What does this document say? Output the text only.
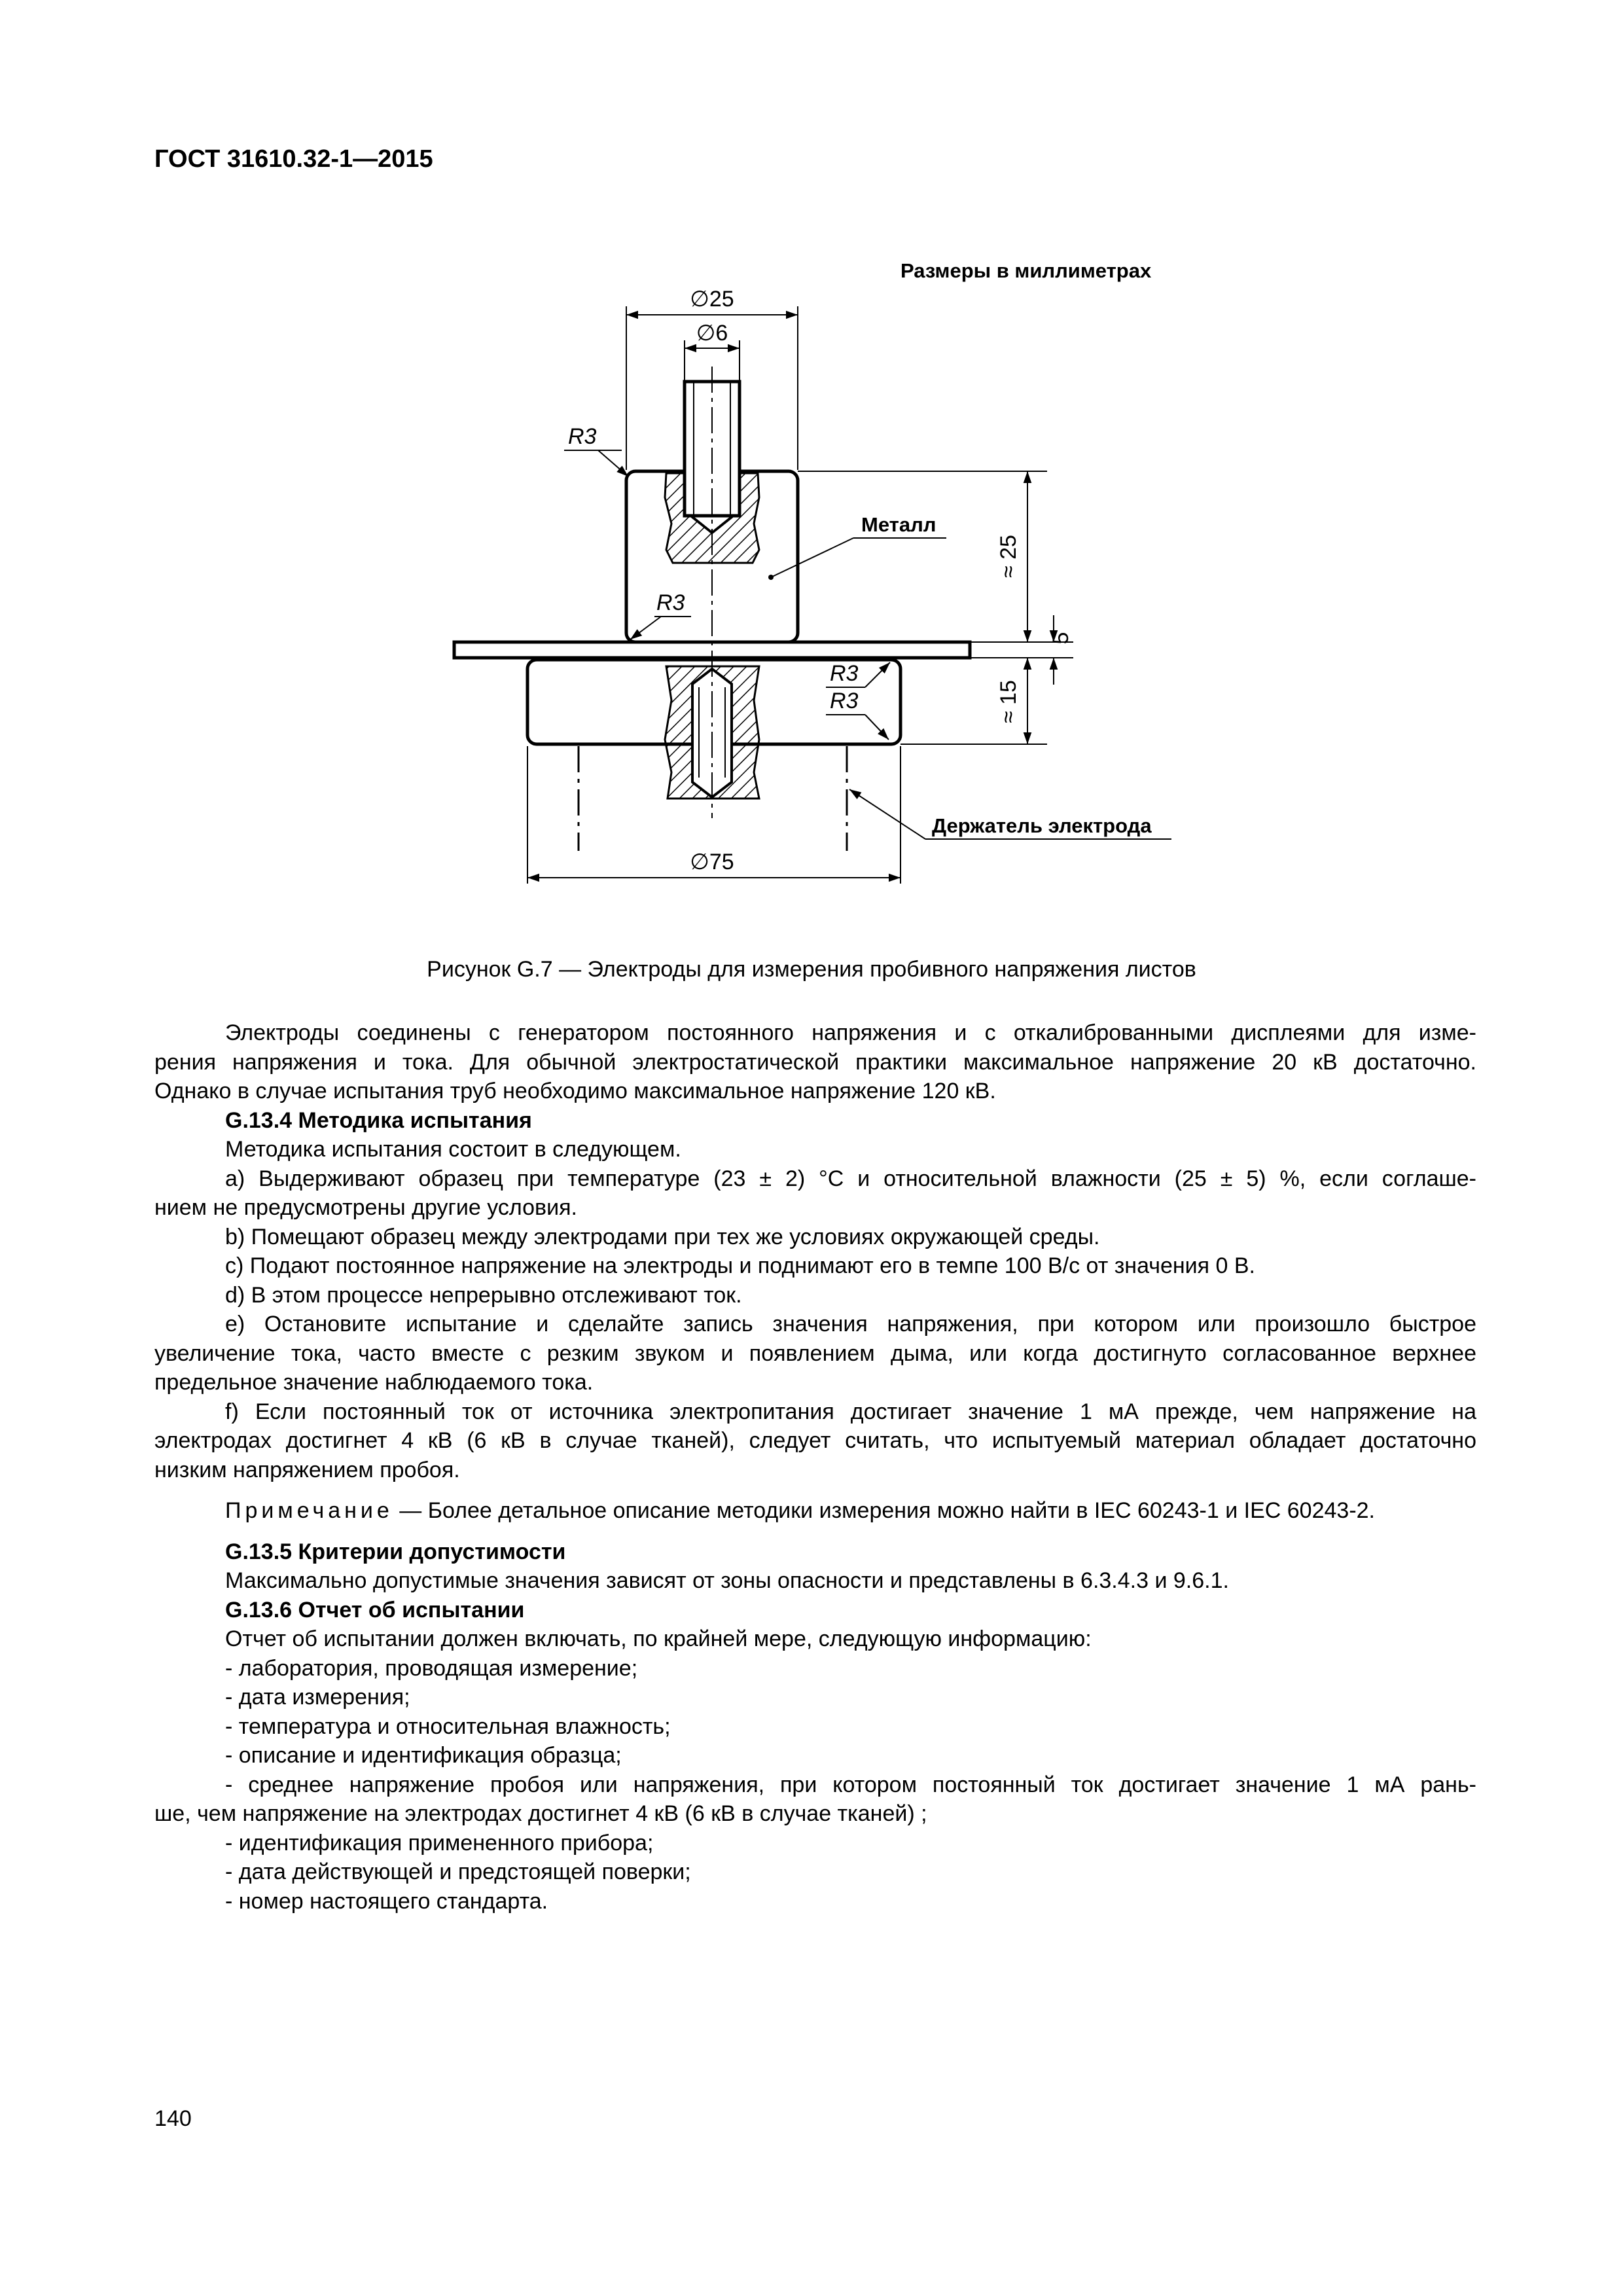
ГОСТ 31610.32-1—2015
Размеры в миллиметрах
∅25
∅6
∅75
≈ 25
5
≈ 15
R3
R3
R3
R3
Металл
Держатель электрода
Рисунок G.7 — Электроды для измерения пробивного напряжения листов

Электроды соединены с генератором постоянного напряжения и с откалиброванными дисплеями для изме-

рения напряжения и тока. Для обычной электростатической практики максимальное напряжение 20 кВ достаточно.

Однако в случае испытания труб необходимо максимальное напряжение 120 кВ.

G.13.4 Методика испытания

Методика испытания состоит в следующем.

а) Выдерживают образец при температуре (23 ± 2) °С и относительной влажности (25 ± 5) %, если соглаше-

нием не предусмотрены другие условия.

b) Помещают образец между электродами при тех же условиях окружающей среды.

c) Подают постоянное напряжение на электроды и поднимают его в темпе 100 В/с от значения 0 В.

d) В этом процессе непрерывно отслеживают ток.

е) Остановите испытание и сделайте запись значения напряжения, при котором или произошло быстрое

увеличение тока, часто вместе с резким звуком и появлением дыма, или когда достигнуто согласованное верхнее

предельное значение наблюдаемого тока.

f) Если постоянный ток от источника электропитания достигает значение 1 мА прежде, чем напряжение на

электродах достигнет 4 кВ (6 кВ в случае тканей), следует считать, что испытуемый материал обладает достаточно

низким напряжением пробоя.

Примечание — Более детальное описание методики измерения можно найти в IEC 60243-1 и IEC 60243-2.

G.13.5 Критерии допустимости

Максимально допустимые значения зависят от зоны опасности и представлены в 6.3.4.3 и 9.6.1.

G.13.6 Отчет об испытании

Отчет об испытании должен включать, по крайней мере, следующую информацию:

- лаборатория, проводящая измерение;

- дата измерения;

- температура и относительная влажность;

- описание и идентификация образца;

- среднее напряжение пробоя или напряжения, при котором постоянный ток достигает значение 1 мА рань-

ше, чем напряжение на электродах достигнет 4 кВ (6 кВ в случае тканей) ;

- идентификация примененного прибора;

- дата действующей и предстоящей поверки;

- номер настоящего стандарта.

140
